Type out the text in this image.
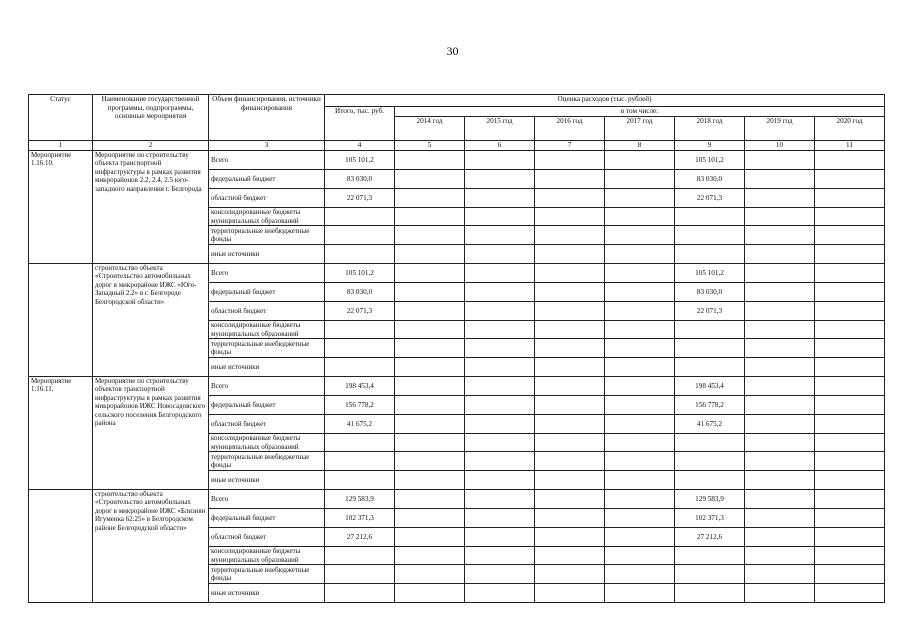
30
Статус	Наименование государственной программы, подпрограммы, основные мероприятия	Объем финансирования, источники финансирования	Оценка расходов (тыс. рублей)							
			Итого, тыс. руб.	в том числе:						
				2014 год	2015 год	2016 год	2017 год	2018 год	2019 год	2020 год
1	2	3	4	5	6	7	8	9	10	11
Мероприятие 1.16.10.	Мероприятие по строительству объекта транспортной инфраструктуры в рамках развития микрорайонов 2.2, 2.4, 2.5 юго-западного направления г. Белгорода	Всего	105 101,2					105 101,2		
		федеральный бюджет	83 030,0					83 030,0		
		областной бюджет	22 071,3					22 071,3		
		консолидированные бюджеты муниципальных образований								
		территориальные внебюджетные фонды								
		иные источники								
	строительство объекта «Строительство автомобильных дорог в микрорайоне ИЖС «Юго-Западный 2.2» в г. Белгороде Белгородской области»	Всего	105 101,2					105 101,2		
		федеральный бюджет	83 030,0					83 030,0		
		областной бюджет	22 071,3					22 071,3		
		консолидированные бюджеты муниципальных образований								
		территориальные внебюджетные фонды								
		иные источники								
Мероприятие 1.16.11.	Мероприятие по строительству объектов транспортной инфраструктуры в рамках развития микрорайонов ИЖС Новосадовского сельского поселения Белгородского района	Всего	198 453,4					198 453,4		
		федеральный бюджет	156 778,2					156 778,2		
		областной бюджет	41 675,2					41 675,2		
		консолидированные бюджеты муниципальных образований								
		территориальные внебюджетные фонды								
		иные источники								
	строительство объекта «Строительство автомобильных дорог в микрорайоне ИЖС «Близнян Игуменка 62.25» в Белгородском районе Белгородской области»	Всего	129 583,9					129 583,9		
		федеральный бюджет	102 371,3					102 371,3		
		областной бюджет	27 212,6					27 212,6		
		консолидированные бюджеты муниципальных образований								
		территориальные внебюджетные фонды								
		иные источники								
